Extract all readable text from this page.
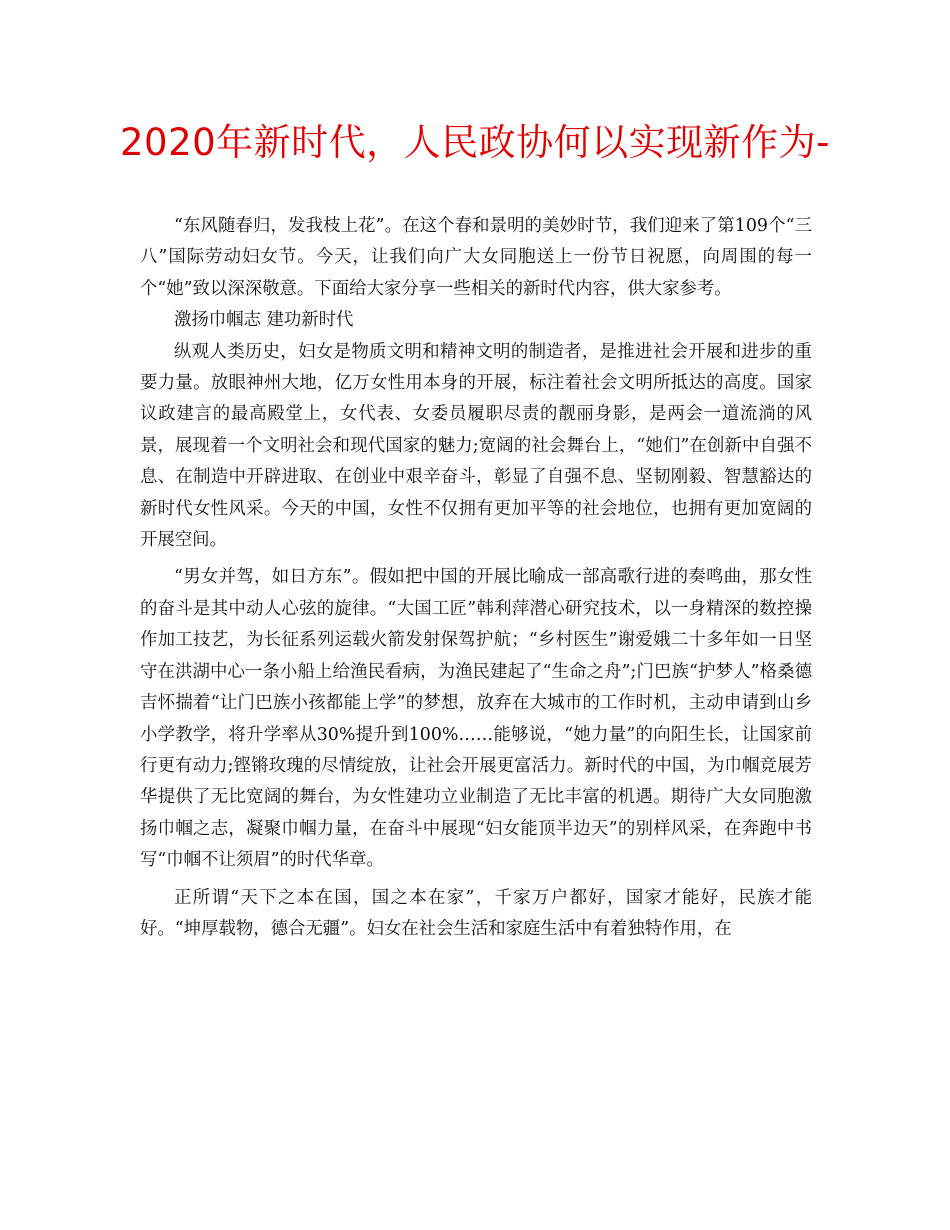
2020年新时代，人民政协何以实现新作为-

“东风随春归，发我枝上花”。在这个春和景明的美妙时节，我们迎来了第109个“三八”国际劳动妇女节。今天，让我们向广大女同胞送上一份节日祝愿，向周围的每一个“她”致以深深敬意。下面给大家分享一些相关的新时代内容，供大家参考。

激扬巾帼志 建功新时代

纵观人类历史，妇女是物质文明和精神文明的制造者，是推进社会开展和进步的重要力量。放眼神州大地，亿万女性用本身的开展，标注着社会文明所抵达的高度。国家议政建言的最高殿堂上，女代表、女委员履职尽责的靓丽身影，是两会一道流淌的风景，展现着一个文明社会和现代国家的魅力;宽阔的社会舞台上，“她们”在创新中自强不息、在制造中开辟进取、在创业中艰辛奋斗，彰显了自强不息、坚韧刚毅、智慧豁达的新时代女性风采。今天的中国，女性不仅拥有更加平等的社会地位，也拥有更加宽阔的开展空间。

“男女并驾，如日方东”。假如把中国的开展比喻成一部高歌行进的奏鸣曲，那女性的奋斗是其中动人心弦的旋律。“大国工匠”韩利萍潜心研究技术，以一身精深的数控操作加工技艺，为长征系列运载火箭发射保驾护航；“乡村医生”谢爱娥二十多年如一日坚守在洪湖中心一条小船上给渔民看病，为渔民建起了“生命之舟”;门巴族“护梦人”格桑德吉怀揣着“让门巴族小孩都能上学”的梦想，放弃在大城市的工作时机，主动申请到山乡小学教学，将升学率从30%提升到100%……能够说，“她力量”的向阳生长，让国家前行更有动力;铿锵玫瑰的尽情绽放，让社会开展更富活力。新时代的中国，为巾帼竞展芳华提供了无比宽阔的舞台，为女性建功立业制造了无比丰富的机遇。期待广大女同胞激扬巾帼之志，凝聚巾帼力量，在奋斗中展现“妇女能顶半边天”的别样风采，在奔跑中书写“巾帼不让须眉”的时代华章。

正所谓“天下之本在国，国之本在家”，千家万户都好，国家才能好，民族才能好。“坤厚载物，德合无疆”。妇女在社会生活和家庭生活中有着独特作用，在
